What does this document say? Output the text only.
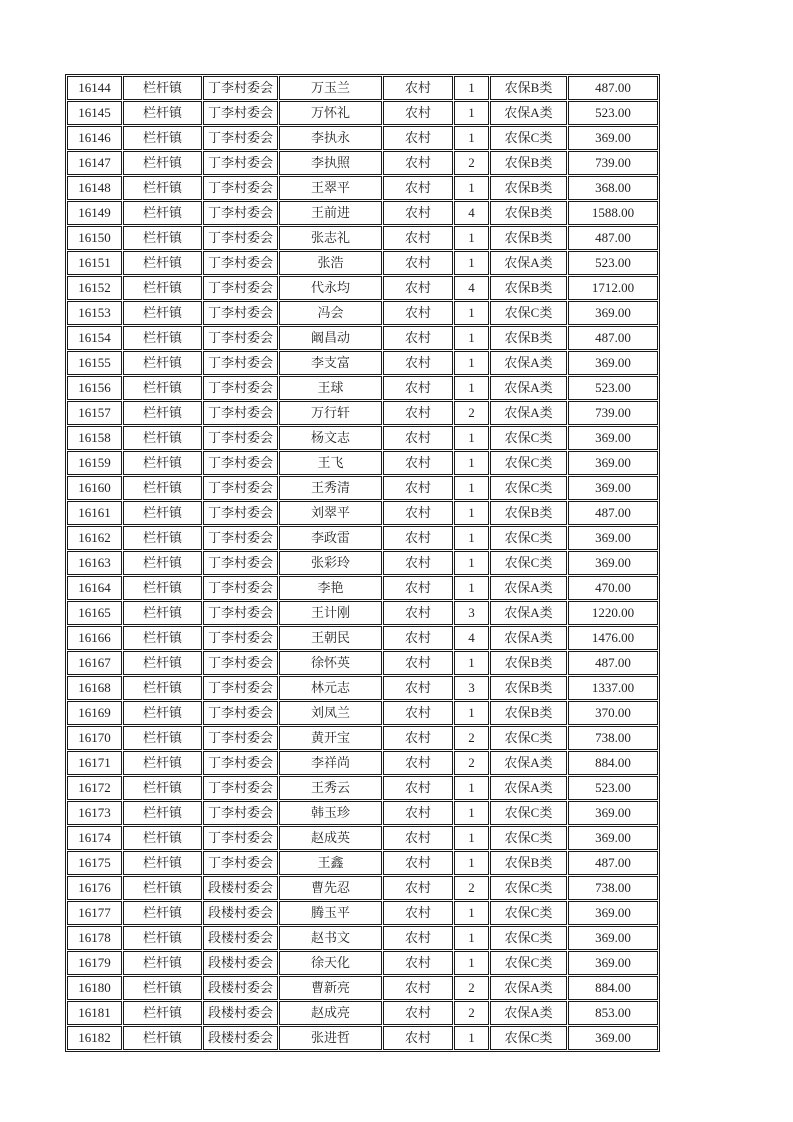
16144	栏杆镇	丁李村委会	万玉兰	农村	1	农保B类	487.00
16145	栏杆镇	丁李村委会	万怀礼	农村	1	农保A类	523.00
16146	栏杆镇	丁李村委会	李执永	农村	1	农保C类	369.00
16147	栏杆镇	丁李村委会	李执照	农村	2	农保B类	739.00
16148	栏杆镇	丁李村委会	王翠平	农村	1	农保B类	368.00
16149	栏杆镇	丁李村委会	王前进	农村	4	农保B类	1588.00
16150	栏杆镇	丁李村委会	张志礼	农村	1	农保B类	487.00
16151	栏杆镇	丁李村委会	张浩	农村	1	农保A类	523.00
16152	栏杆镇	丁李村委会	代永均	农村	4	农保B类	1712.00
16153	栏杆镇	丁李村委会	冯会	农村	1	农保C类	369.00
16154	栏杆镇	丁李村委会	阚昌动	农村	1	农保B类	487.00
16155	栏杆镇	丁李村委会	李支富	农村	1	农保A类	369.00
16156	栏杆镇	丁李村委会	王球	农村	1	农保A类	523.00
16157	栏杆镇	丁李村委会	万行轩	农村	2	农保A类	739.00
16158	栏杆镇	丁李村委会	杨文志	农村	1	农保C类	369.00
16159	栏杆镇	丁李村委会	王飞	农村	1	农保C类	369.00
16160	栏杆镇	丁李村委会	王秀清	农村	1	农保C类	369.00
16161	栏杆镇	丁李村委会	刘翠平	农村	1	农保B类	487.00
16162	栏杆镇	丁李村委会	李政雷	农村	1	农保C类	369.00
16163	栏杆镇	丁李村委会	张彩玲	农村	1	农保C类	369.00
16164	栏杆镇	丁李村委会	李艳	农村	1	农保A类	470.00
16165	栏杆镇	丁李村委会	王计刚	农村	3	农保A类	1220.00
16166	栏杆镇	丁李村委会	王朝民	农村	4	农保A类	1476.00
16167	栏杆镇	丁李村委会	徐怀英	农村	1	农保B类	487.00
16168	栏杆镇	丁李村委会	林元志	农村	3	农保B类	1337.00
16169	栏杆镇	丁李村委会	刘凤兰	农村	1	农保B类	370.00
16170	栏杆镇	丁李村委会	黄开宝	农村	2	农保C类	738.00
16171	栏杆镇	丁李村委会	李祥尚	农村	2	农保A类	884.00
16172	栏杆镇	丁李村委会	王秀云	农村	1	农保A类	523.00
16173	栏杆镇	丁李村委会	韩玉珍	农村	1	农保C类	369.00
16174	栏杆镇	丁李村委会	赵成英	农村	1	农保C类	369.00
16175	栏杆镇	丁李村委会	王鑫	农村	1	农保B类	487.00
16176	栏杆镇	段楼村委会	曹先忍	农村	2	农保C类	738.00
16177	栏杆镇	段楼村委会	腾玉平	农村	1	农保C类	369.00
16178	栏杆镇	段楼村委会	赵书文	农村	1	农保C类	369.00
16179	栏杆镇	段楼村委会	徐天化	农村	1	农保C类	369.00
16180	栏杆镇	段楼村委会	曹新亮	农村	2	农保A类	884.00
16181	栏杆镇	段楼村委会	赵成亮	农村	2	农保A类	853.00
16182	栏杆镇	段楼村委会	张进哲	农村	1	农保C类	369.00
